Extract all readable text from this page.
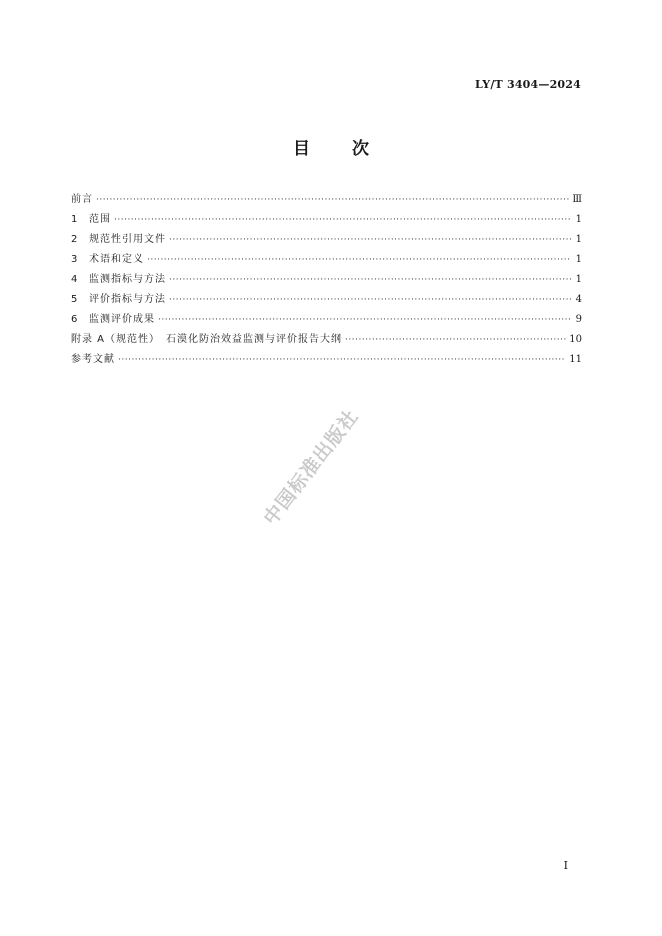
LY/T 3404—2024
目次
前言 ·····	Ⅲ
1	范围 ·····	1
2	规范性引用文件 ·····	1
3	术语和定义 ·····	1
4	监测指标与方法 ·····	1
5	评价指标与方法 ·····	4
6	监测评价成果 ·····	9
附录 A（规范性）　石漠化防治效益监测与评价报告大纲 ·····	10
参考文献 ·····	11
中国标准出版社
Ⅰ
